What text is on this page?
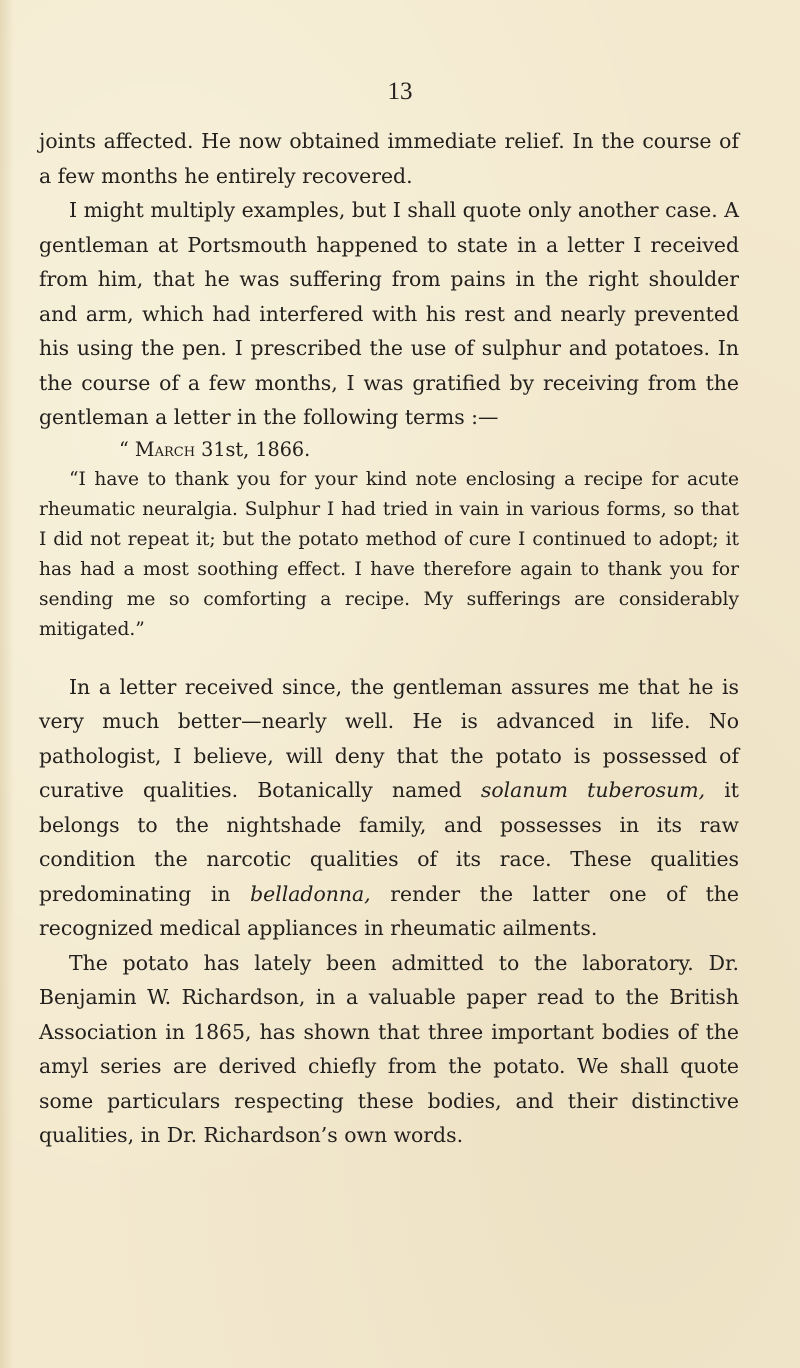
13

joints affected. He now obtained immediate relief. In the course of a few months he entirely recovered.

I might multiply examples, but I shall quote only another case. A gentleman at Portsmouth happened to state in a letter I received from him, that he was suffering from pains in the right shoulder and arm, which had interfered with his rest and nearly prevented his using the pen. I prescribed the use of sulphur and potatoes. In the course of a few months, I was gratified by receiving from the gentleman a letter in the following terms :—

“ March 31st, 1866.

“I have to thank you for your kind note enclosing a recipe for acute rheumatic neuralgia. Sulphur I had tried in vain in various forms, so that I did not repeat it; but the potato method of cure I continued to adopt; it has had a most soothing effect. I have therefore again to thank you for sending me so comforting a recipe. My sufferings are considerably mitigated.”

In a letter received since, the gentleman assures me that he is very much better—nearly well. He is advanced in life. No pathologist, I believe, will deny that the potato is possessed of curative qualities. Botanically named solanum tuberosum, it belongs to the nightshade family, and possesses in its raw condition the narcotic qualities of its race. These qualities predominating in belladonna, render the latter one of the recognized medical appliances in rheumatic ailments.

The potato has lately been admitted to the laboratory. Dr. Benjamin W. Richardson, in a valuable paper read to the British Association in 1865, has shown that three important bodies of the amyl series are derived chiefly from the potato. We shall quote some particulars respecting these bodies, and their distinctive qualities, in Dr. Richardson’s own words.
